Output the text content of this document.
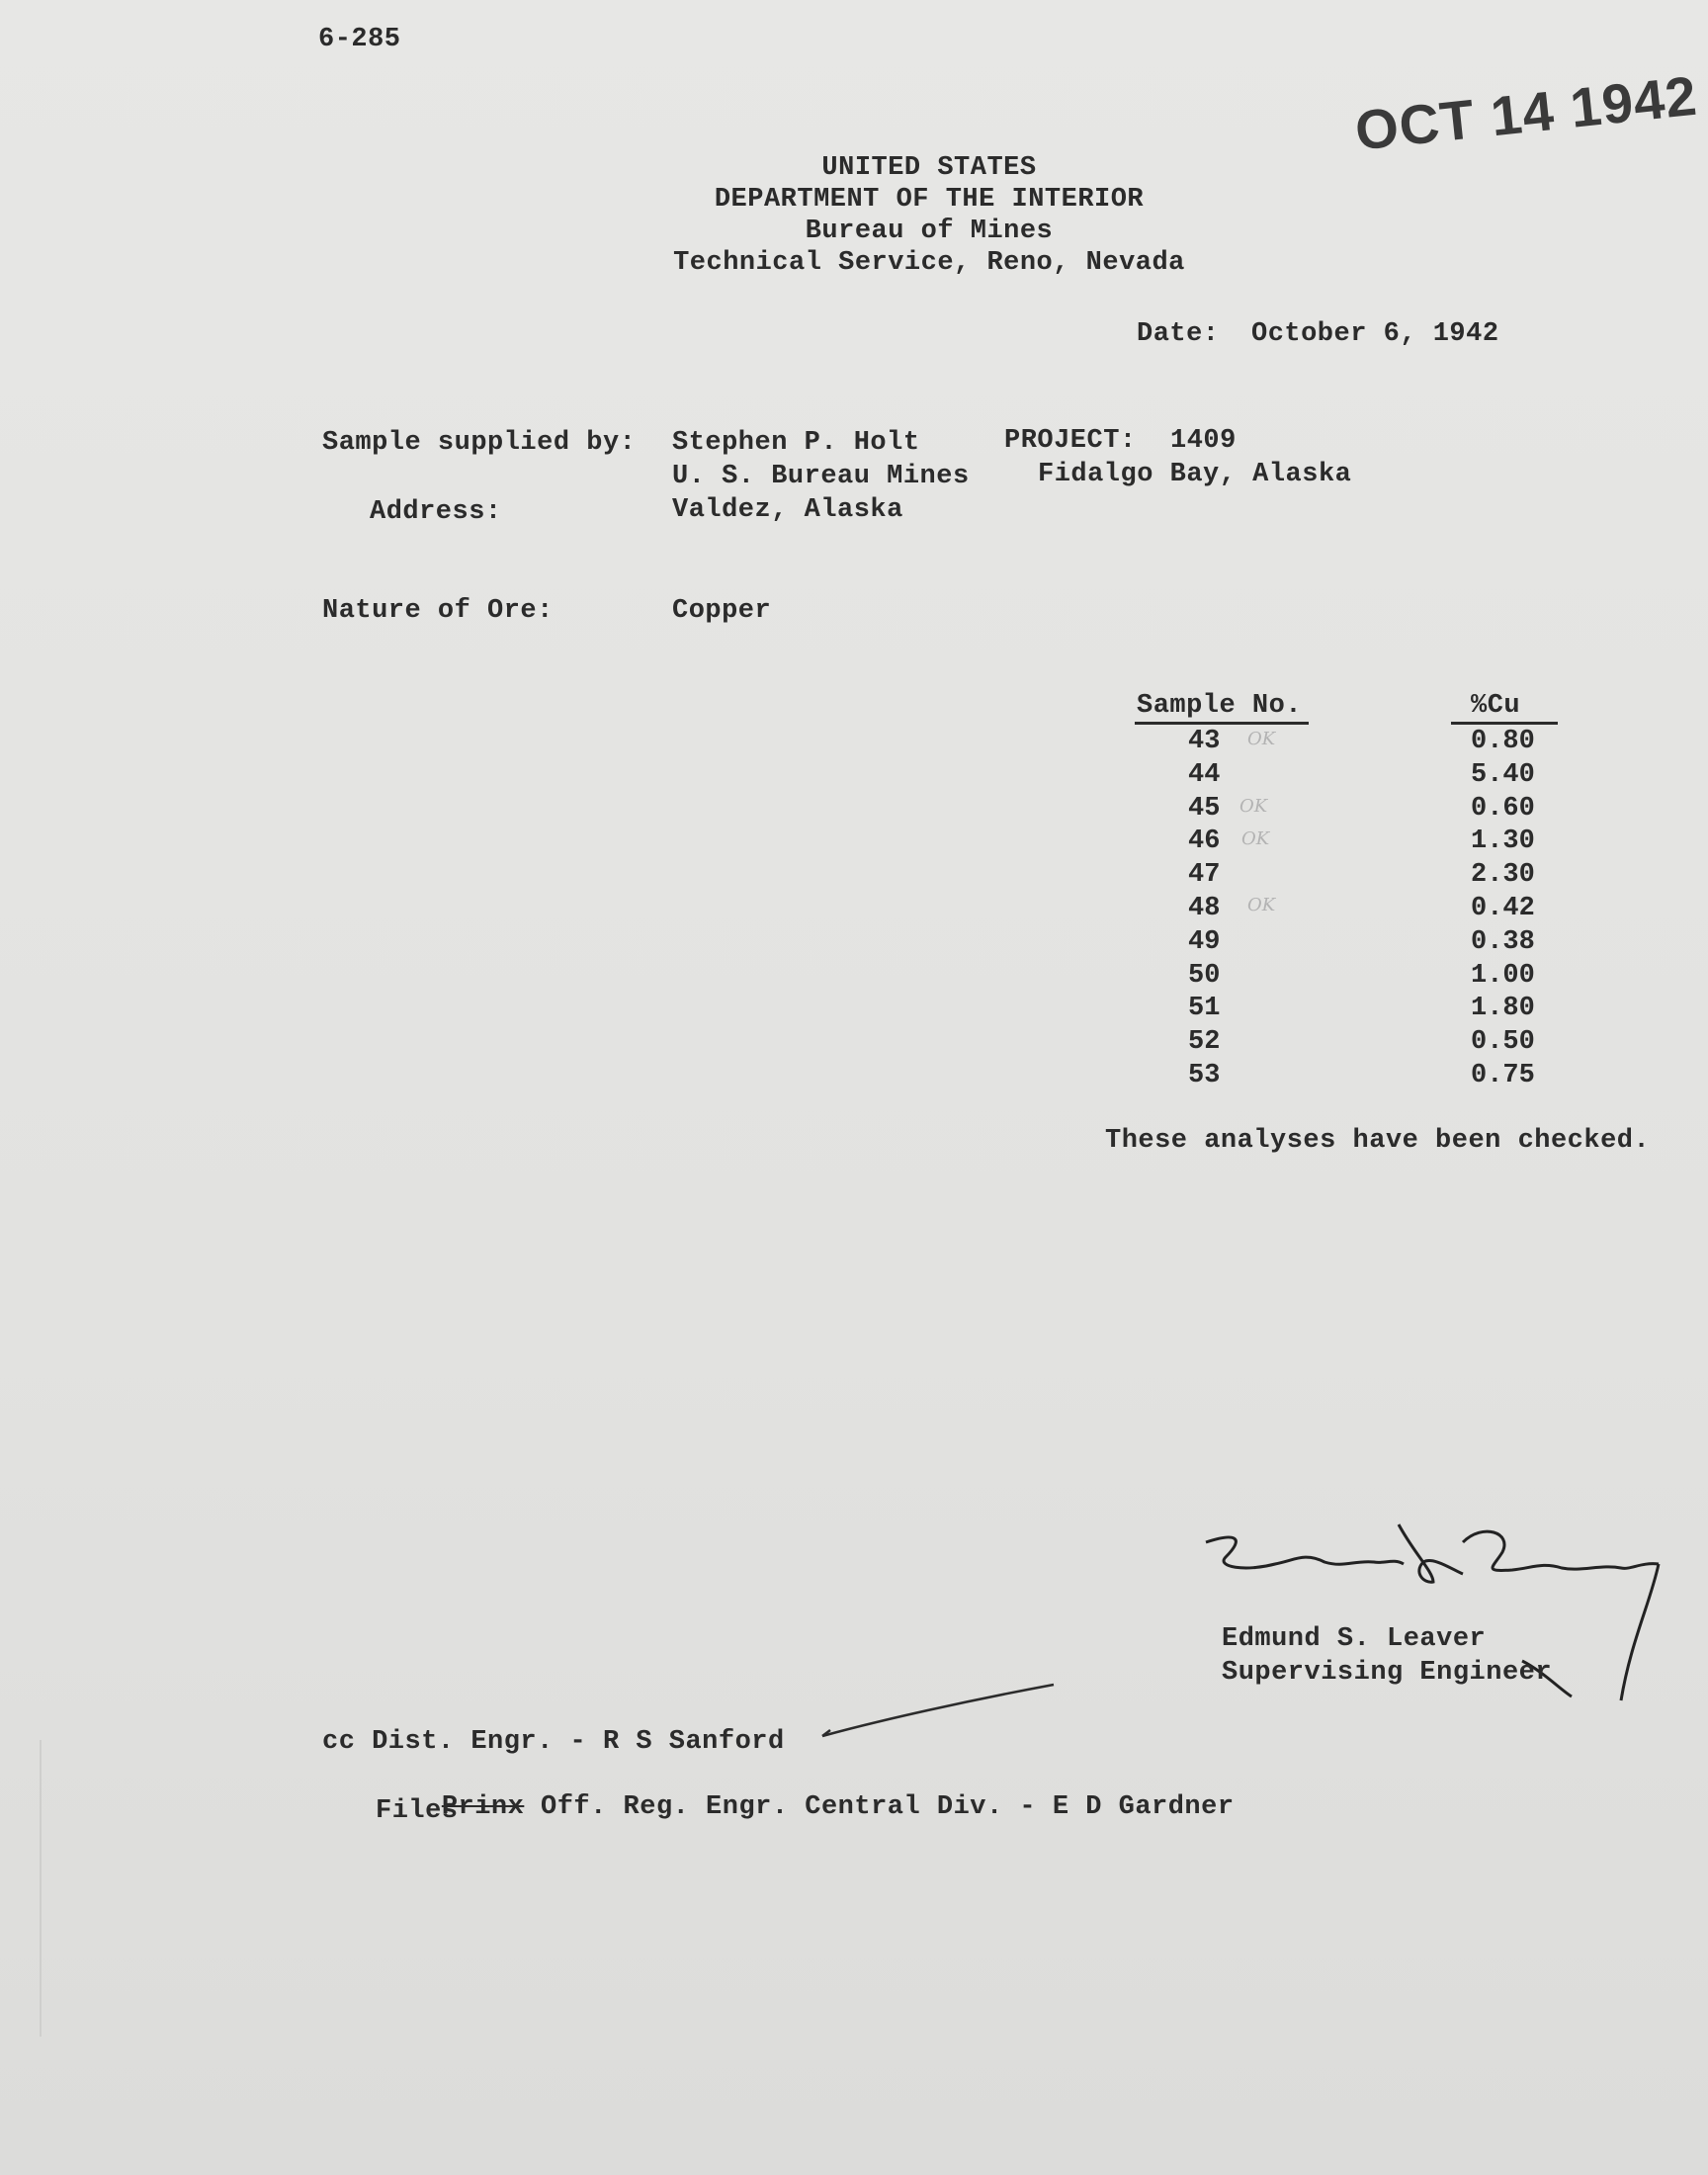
6-285
OCT 14 1942
UNITED STATES
DEPARTMENT OF THE INTERIOR
Bureau of Mines
Technical Service, Reno, Nevada
Date: October 6, 1942
Sample supplied by: Stephen P. Holt
U. S. Bureau Mines
Address:	Valdez, Alaska
PROJECT: 1409
Fidalgo Bay, Alaska
Nature of Ore:	Copper
Sample No.	%Cu
43	0.80
44	5.40
45	0.60
46	1.30
47	2.30
48	0.42
49	0.38
50	1.00
51	1.80
52	0.50
53	0.75
OK
OK
OK
OK
These analyses have been checked.
Edmund S. Leaver
Supervising Engineer
cc Dist. Engr. - R S Sanford

Prinx Off. Reg. Engr. Central Div. - E D Gardner

Files
